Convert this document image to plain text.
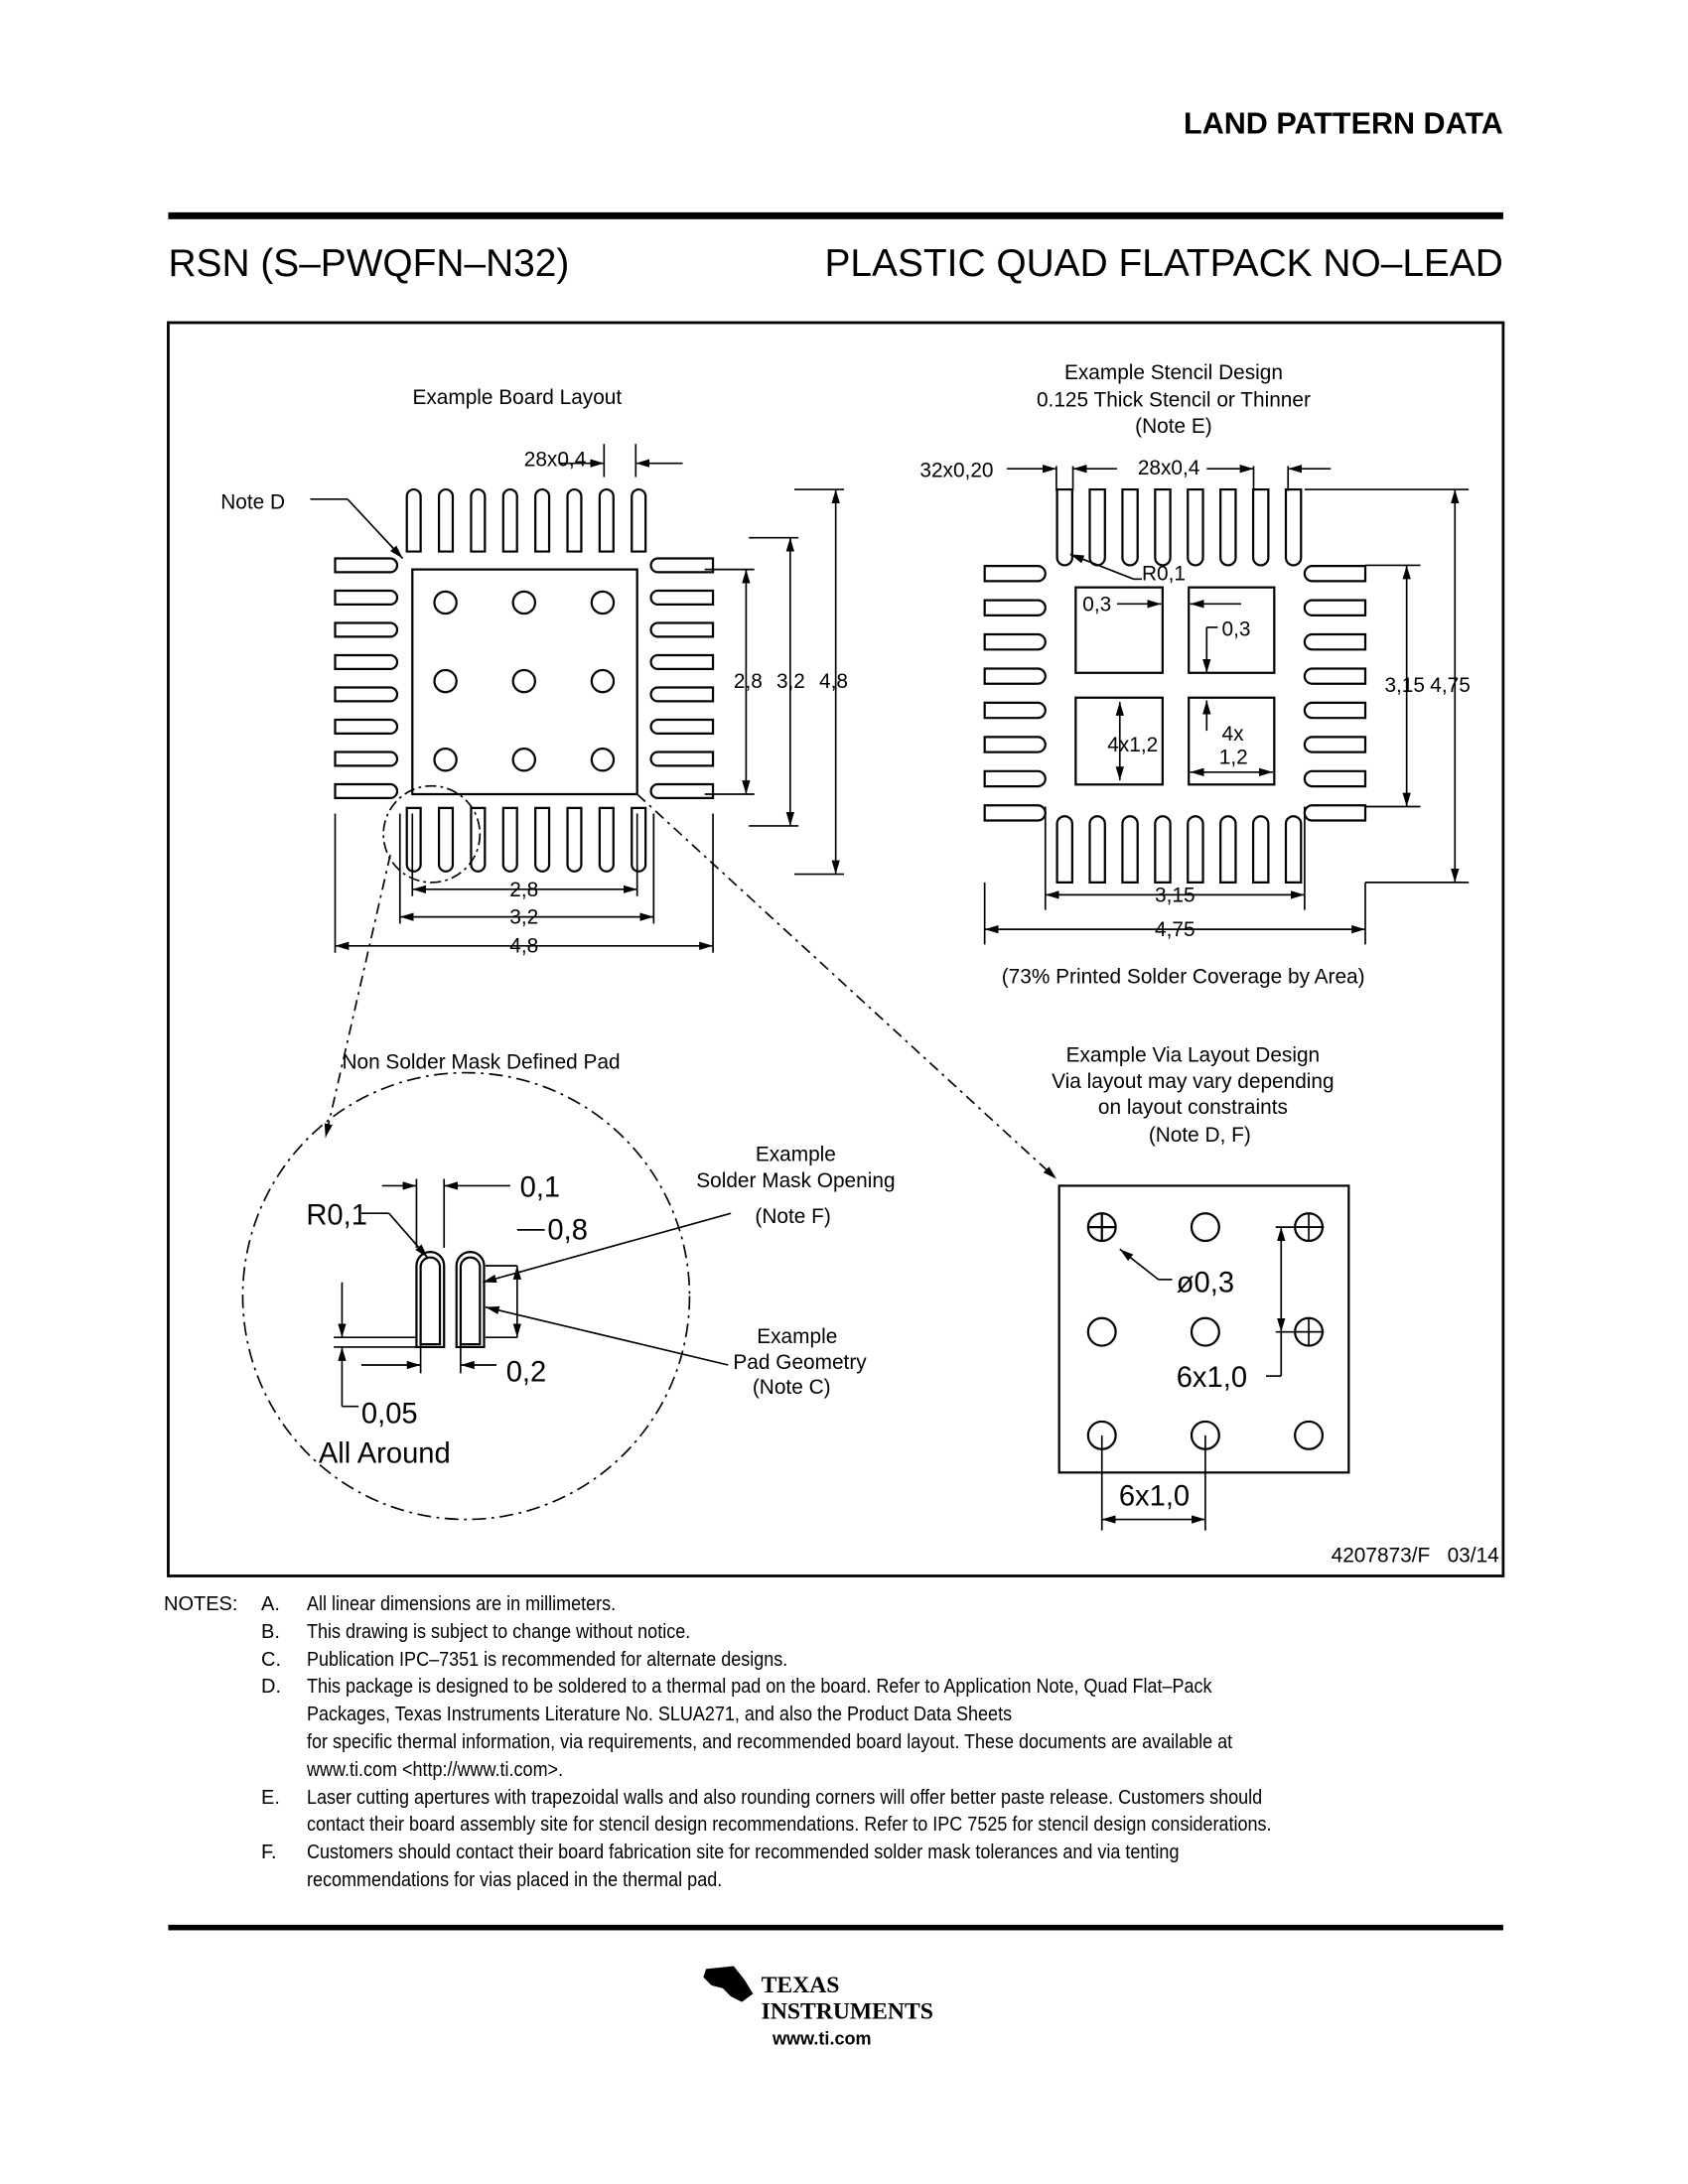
LAND PATTERN DATA
RSN (S–PWQFN–N32)	PLASTIC QUAD FLATPACK NO–LEAD
Example Board Layout
Note D
28x0,4
2,8 3,2 4,8
2,8
3,2
4,8
Non Solder Mask Defined Pad
Example Stencil Design
0.125 Thick Stencil or Thinner
(Note E)
32x0,20	28x0,4
R0,1
0,3
0,3
4x1,2	4x
1,2
3,15 4,75
3,15
4,75
(73% Printed Solder Coverage by Area)
R0,1
0,1
0,8
0,2
0,05
All Around
Example
Solder Mask Opening
(Note F)
Example
Pad Geometry
(Note C)
Example Via Layout Design
Via layout may vary depending
on layout constraints
(Note D, F)
ø0,3
6x1,0
6x1,0
4207873/F   03/14
TEXAS
INSTRUMENTS
www.ti.com
NOTES:	A.	All linear dimensions are in millimeters.
B.	This drawing is subject to change without notice.
C.	Publication IPC–7351 is recommended for alternate designs.
D.	This package is designed to be soldered to a thermal pad on the board. Refer to Application Note, Quad Flat–Pack
Packages, Texas Instruments Literature No. SLUA271, and also the Product Data Sheets
for specific thermal information, via requirements, and recommended board layout. These documents are available at
www.ti.com <http://www.ti.com>.
E.	Laser cutting apertures with trapezoidal walls and also rounding corners will offer better paste release. Customers should
contact their board assembly site for stencil design recommendations. Refer to IPC 7525 for stencil design considerations.
F.	Customers should contact their board fabrication site for recommended solder mask tolerances and via tenting
recommendations for vias placed in the thermal pad.
